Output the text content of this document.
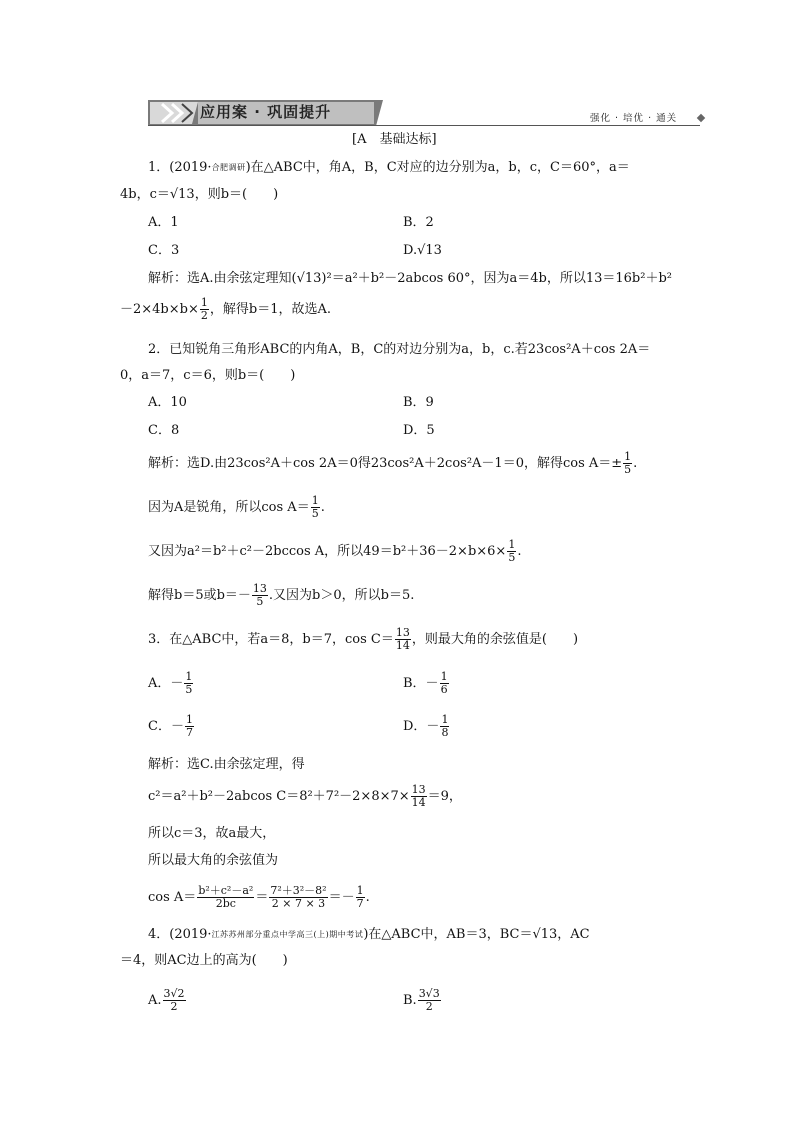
应用案 · 巩固提升	强化 · 培优 · 通关
[A　基础达标]
1．(2019·合肥调研)在△ABC中，角A，B，C对应的边分别为a，b，c，C＝60°，a＝
4b，c＝√13，则b＝(　　)
A．1	B．2
C．3	D.√13
解析：选A.由余弦定理知(√13)²＝a²＋b²－2abcos 60°，因为a＝4b，所以13＝16b²＋b²
$-2\times 4b\times b\times \frac{1}{2}$ ，解得b＝1，故选A.
2．已知锐角三角形ABC的内角A，B，C的对边分别为a，b，c.若23cos²A＋cos 2A＝
0，a＝7，c＝6，则b＝(　　)
A．10	B．9
C．8	D．5
解析：选D.由23cos²A＋cos 2A＝0得23cos²A＋2cos²A－1＝0，解得$\cos A=\pm \frac{1}{5}$ .
因为A是锐角，所以$\cos A= \frac{1}{5}$ .
又因为a²＝b²＋c²－2bccos A，所以$49=b^2+36-2\times b\times 6\times \frac{1}{5}$ .
解得b＝5或$b=- \frac{13}{5}$ .又因为b＞0，所以b＝5.
3．在△ABC中，若a＝8，b＝7，$\cos C= \frac{13}{14}$ ，则最大角的余弦值是(　　)
A．－ $\frac{1}{5}$	B．－ $\frac{1}{6}$
C．－ $\frac{1}{7}$	D．－ $\frac{1}{8}$
解析：选C.由余弦定理，得
c²＝a²＋b²－2abcos $C=8^2+7^2-2\times 8\times 7\times \frac{13}{14} =9$，
所以c＝3，故a最大，
所以最大角的余弦值为
$\cos A= \frac{\text{b²＋c²－a²}}{2bc} = \frac{\text{7²＋3²－8²}}{2 \times 7 \times 3} =- \frac{1}{7}$ .
4．(2019·江苏苏州部分重点中学高三(上)期中考试)在△ABC中，AB＝3，BC＝√13，AC
＝4，则AC边上的高为(　　)
A. $\frac{3√2}{2}$	B. $\frac{3√3}{2}$
